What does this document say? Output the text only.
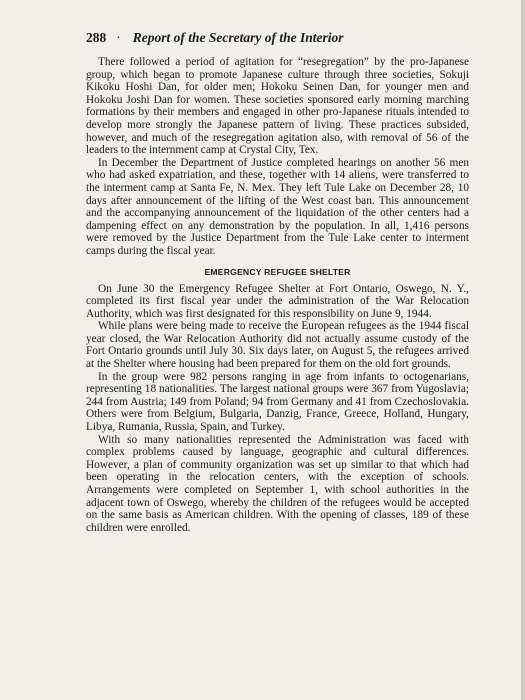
288 · Report of the Secretary of the Interior

There followed a period of agitation for “resegregation” by the pro-Japanese group, which began to promote Japanese culture through three societies, Sokuji Kikoku Hoshi Dan, for older men; Hokoku Seinen Dan, for younger men and Hokoku Joshi Dan for women. These societies sponsored early morning marching formations by their members and engaged in other pro-Japanese rituals intended to develop more strongly the Japanese pattern of living. These practices subsided, however, and much of the resegregation agitation also, with removal of 56 of the leaders to the internment camp at Crystal City, Tex.

In December the Department of Justice completed hearings on another 56 men who had asked expatriation, and these, together with 14 aliens, were transferred to the interment camp at Santa Fe, N. Mex. They left Tule Lake on December 28, 10 days after announcement of the lifting of the West coast ban. This announcement and the accompanying announcement of the liquidation of the other centers had a dampening effect on any demonstration by the population. In all, 1,416 persons were removed by the Justice Department from the Tule Lake center to interment camps during the fiscal year.

EMERGENCY REFUGEE SHELTER

On June 30 the Emergency Refugee Shelter at Fort Ontario, Oswego, N. Y., completed its first fiscal year under the administration of the War Relocation Authority, which was first designated for this responsibility on June 9, 1944.

While plans were being made to receive the European refugees as the 1944 fiscal year closed, the War Relocation Authority did not actually assume custody of the Fort Ontario grounds until July 30. Six days later, on August 5, the refugees arrived at the Shelter where housing had been prepared for them on the old fort grounds.

In the group were 982 persons ranging in age from infants to octogenarians, representing 18 nationalities. The largest national groups were 367 from Yugoslavia; 244 from Austria; 149 from Poland; 94 from Germany and 41 from Czechoslovakia. Others were from Belgium, Bulgaria, Danzig, France, Greece, Holland, Hungary, Libya, Rumania, Russia, Spain, and Turkey.

With so many nationalities represented the Administration was faced with complex problems caused by language, geographic and cultural differences. However, a plan of community organization was set up similar to that which had been operating in the relocation centers, with the exception of schools. Arrangements were completed on September 1, with school authorities in the adjacent town of Oswego, whereby the children of the refugees would be accepted on the same basis as American children. With the opening of classes, 189 of these children were enrolled.
